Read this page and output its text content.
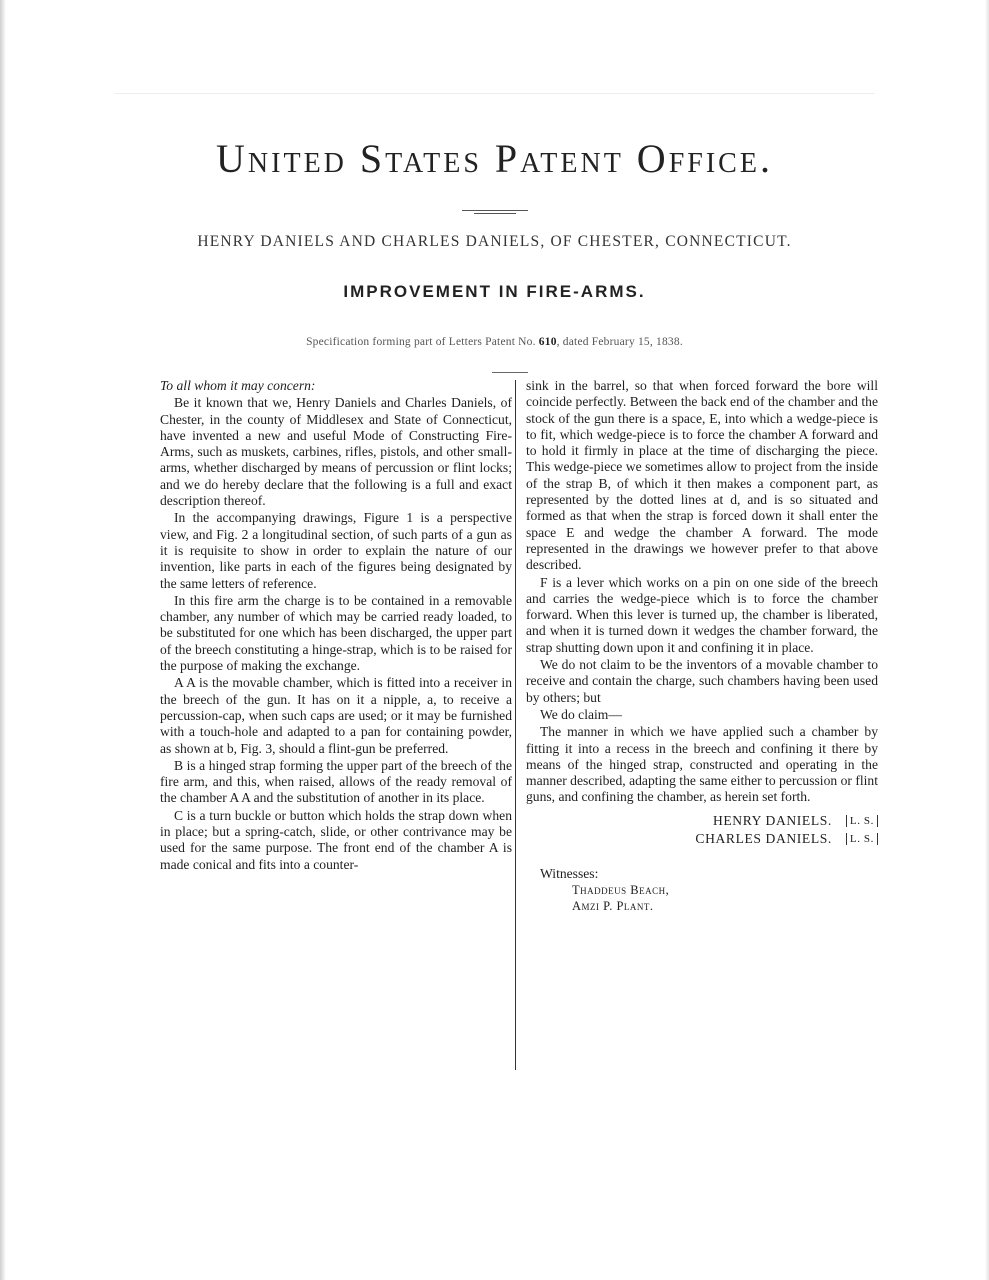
United States Patent Office.
HENRY DANIELS AND CHARLES DANIELS, OF CHESTER, CONNECTICUT.
IMPROVEMENT IN FIRE-ARMS.
Specification forming part of Letters Patent No. 610, dated February 15, 1838.

To all whom it may concern:

Be it known that we, Henry Daniels and Charles Daniels, of Chester, in the county of Middlesex and State of Connecticut, have invented a new and useful Mode of Constructing Fire-Arms, such as muskets, carbines, rifles, pistols, and other small-arms, whether discharged by means of percussion or flint locks; and we do hereby declare that the following is a full and exact description thereof.

In the accompanying drawings, Figure 1 is a perspective view, and Fig. 2 a longitudinal section, of such parts of a gun as it is requisite to show in order to explain the nature of our invention, like parts in each of the figures being designated by the same letters of reference.

In this fire arm the charge is to be contained in a removable chamber, any number of which may be carried ready loaded, to be substituted for one which has been discharged, the upper part of the breech constituting a hinge-strap, which is to be raised for the purpose of making the exchange.

A A is the movable chamber, which is fitted into a receiver in the breech of the gun. It has on it a nipple, a, to receive a percussion-cap, when such caps are used; or it may be furnished with a touch-hole and adapted to a pan for containing powder, as shown at b, Fig. 3, should a flint-gun be preferred.

B is a hinged strap forming the upper part of the breech of the fire arm, and this, when raised, allows of the ready removal of the chamber A A and the substitution of another in its place.

C is a turn buckle or button which holds the strap down when in place; but a spring-catch, slide, or other contrivance may be used for the same purpose. The front end of the chamber A is made conical and fits into a counter-

sink in the barrel, so that when forced forward the bore will coincide perfectly. Between the back end of the chamber and the stock of the gun there is a space, E, into which a wedge-piece is to fit, which wedge-piece is to force the chamber A forward and to hold it firmly in place at the time of discharging the piece. This wedge-piece we sometimes allow to project from the inside of the strap B, of which it then makes a component part, as represented by the dotted lines at d, and is so situated and formed as that when the strap is forced down it shall enter the space E and wedge the chamber A forward. The mode represented in the drawings we however prefer to that above described.

F is a lever which works on a pin on one side of the breech and carries the wedge-piece which is to force the chamber forward. When this lever is turned up, the chamber is liberated, and when it is turned down it wedges the chamber forward, the strap shutting down upon it and confining it in place.

We do not claim to be the inventors of a movable chamber to receive and contain the charge, such chambers having been used by others; but

We do claim—

The manner in which we have applied such a chamber by fitting it into a recess in the breech and confining it there by means of the hinged strap, constructed and operating in the manner described, adapting the same either to percussion or flint guns, and confining the chamber, as herein set forth.

HENRY DANIELS.	L. S.
CHARLES DANIELS.	L. S.
Witnesses:
Thaddeus Beach,
Amzi P. Plant.
